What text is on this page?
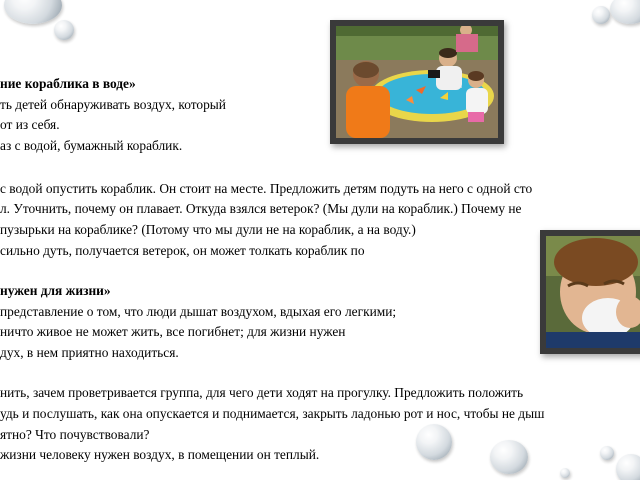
ние кораблика в воде»
ть детей обнаруживать воздух, который
от из себя.
аз с водой, бумажный кораблик.
с водой опустить кораблик. Он стоит на месте. Предложить детям подуть на него с одной сто
л. Уточнить, почему он плавает. Откуда взялся ветерок? (Мы дули на кораблик.) Почему не
пузырьки на кораблике? (Потому что мы дули не на кораблик, а на воду.)
сильно дуть, получается ветерок, он может толкать кораблик по
нужен для жизни»
представление о том, что люди дышат воздухом, вдыхая его легкими;
ничто живое не может жить, все погибнет; для жизни нужен
дух, в нем приятно находиться.
нить, зачем проветривается группа, для чего дети ходят на прогулку. Предложить положить
удь и послушать, как она опускается и поднимается, закрыть ладонью рот и нос, чтобы не дыш
ятно? Что почувствовали?
жизни человеку нужен воздух, в помещении он теплый.
